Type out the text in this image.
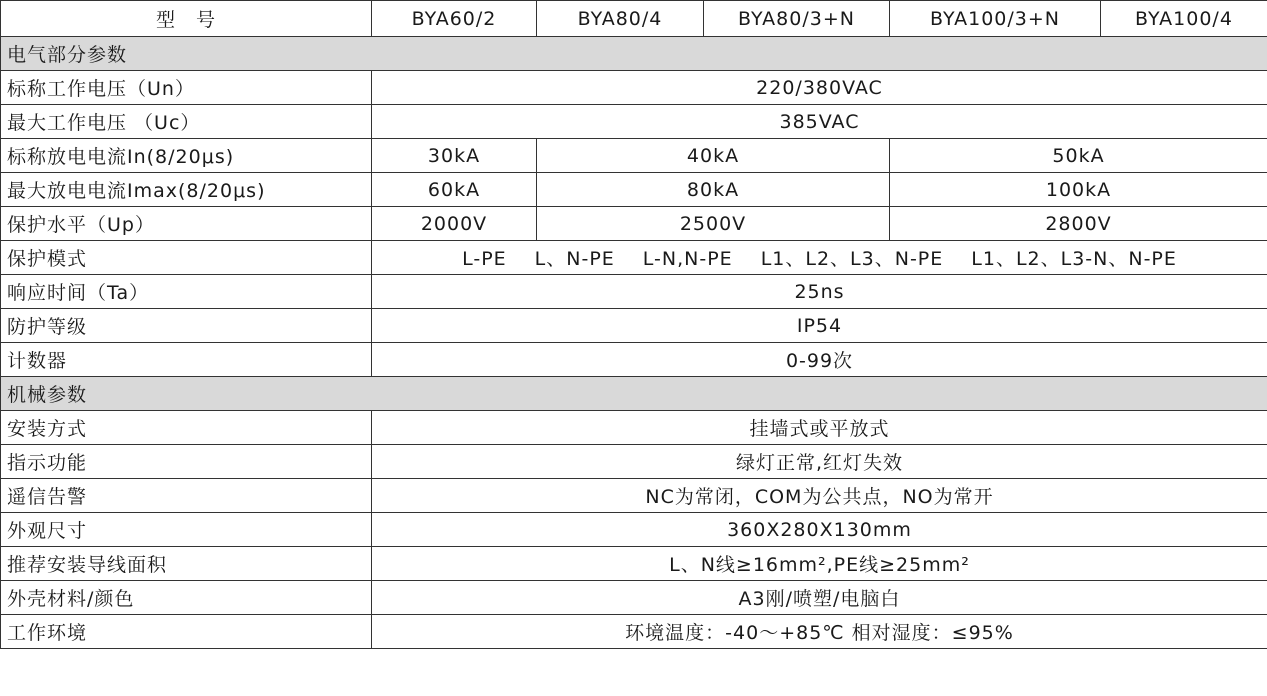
型　号	BYA60/2	BYA80/4	BYA80/3+N	BYA100/3+N	BYA100/4
电气部分参数					
标称工作电压（Un）	220/380VAC				
最大工作电压 （Uc）	385VAC				
标称放电电流In(8/20μs)	30kA	40kA		50kA	
最大放电电流Imax(8/20μs)	60kA	80kA		100kA	
保护水平（Up）	2000V	2500V		2800V	
保护模式	L-PE L、N-PE L-N,N-PE L1、L2、L3、N-PE L1、L2、L3-N、N-PE				
响应时间（Ta）	25ns				
防护等级	IP54				
计数器	0-99次				
机械参数					
安装方式	挂墙式或平放式				
指示功能	绿灯正常,红灯失效				
遥信告警	NC为常闭，COM为公共点，NO为常开				
外观尺寸	360X280X130mm				
推荐安装导线面积	L、N线≥16mm²,PE线≥25mm²				
外壳材料/颜色	A3刚/喷塑/电脑白				
工作环境	环境温度：-40～+85℃ 相对湿度：≤95%				
